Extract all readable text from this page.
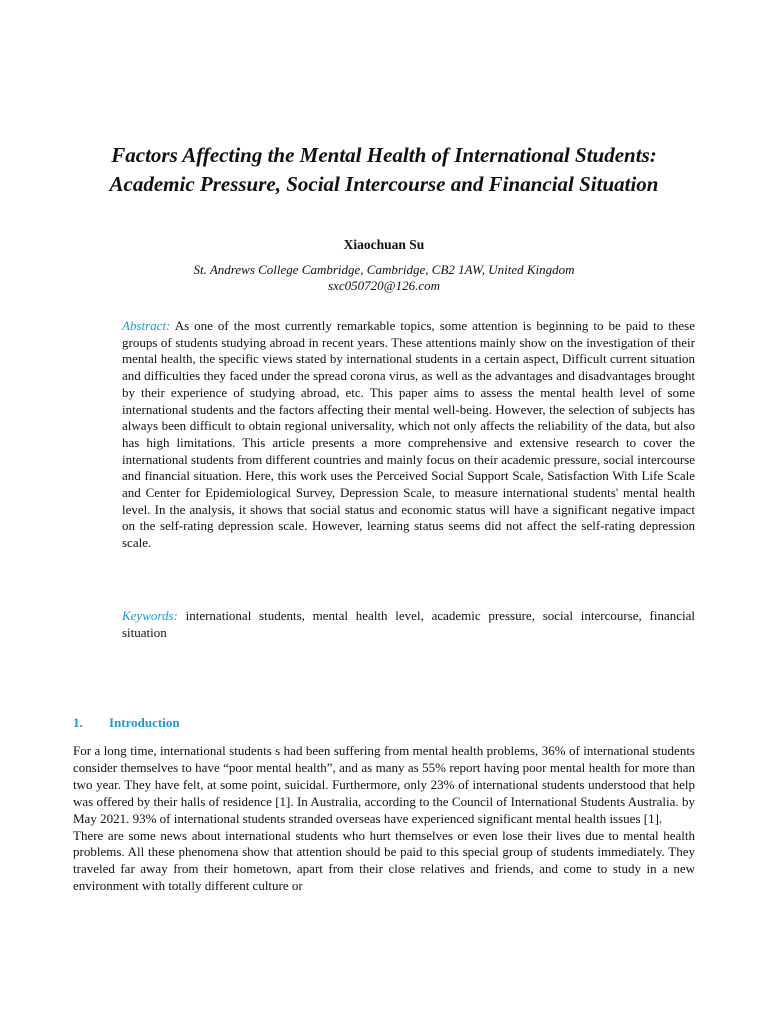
Factors Affecting the Mental Health of International Students: Academic Pressure, Social Intercourse and Financial Situation
Xiaochuan Su
St. Andrews College Cambridge, Cambridge, CB2 1AW, United Kingdom
sxc050720@126.com

Abstract: As one of the most currently remarkable topics, some attention is beginning to be paid to these groups of students studying abroad in recent years. These attentions mainly show on the investigation of their mental health, the specific views stated by international students in a certain aspect, Difficult current situation and difficulties they faced under the spread corona virus, as well as the advantages and disadvantages brought by their experience of studying abroad, etc. This paper aims to assess the mental health level of some international students and the factors affecting their mental well-being. However, the selection of subjects has always been difficult to obtain regional universality, which not only affects the reliability of the data, but also has high limitations. This article presents a more comprehensive and extensive research to cover the international students from different countries and mainly focus on their academic pressure, social intercourse and financial situation. Here, this work uses the Perceived Social Support Scale, Satisfaction With Life Scale and Center for Epidemiological Survey, Depression Scale, to measure international students' mental health level. In the analysis, it shows that social status and economic status will have a significant negative impact on the self-rating depression scale. However, learning status seems did not affect the self-rating depression scale.

Keywords: international students, mental health level, academic pressure, social intercourse, financial situation

1. Introduction

For a long time, international students s had been suffering from mental health problems, 36% of international students consider themselves to have “poor mental health”, and as many as 55% report having poor mental health for more than two year. They have felt, at some point, suicidal. Furthermore, only 23% of international students understood that help was offered by their halls of residence [1]. In Australia, according to the Council of International Students Australia. by May 2021. 93% of international students stranded overseas have experienced significant mental health issues [1].

There are some news about international students who hurt themselves or even lose their lives due to mental health problems. All these phenomena show that attention should be paid to this special group of students immediately. They traveled far away from their hometown, apart from their close relatives and friends, and come to study in a new environment with totally different culture or
